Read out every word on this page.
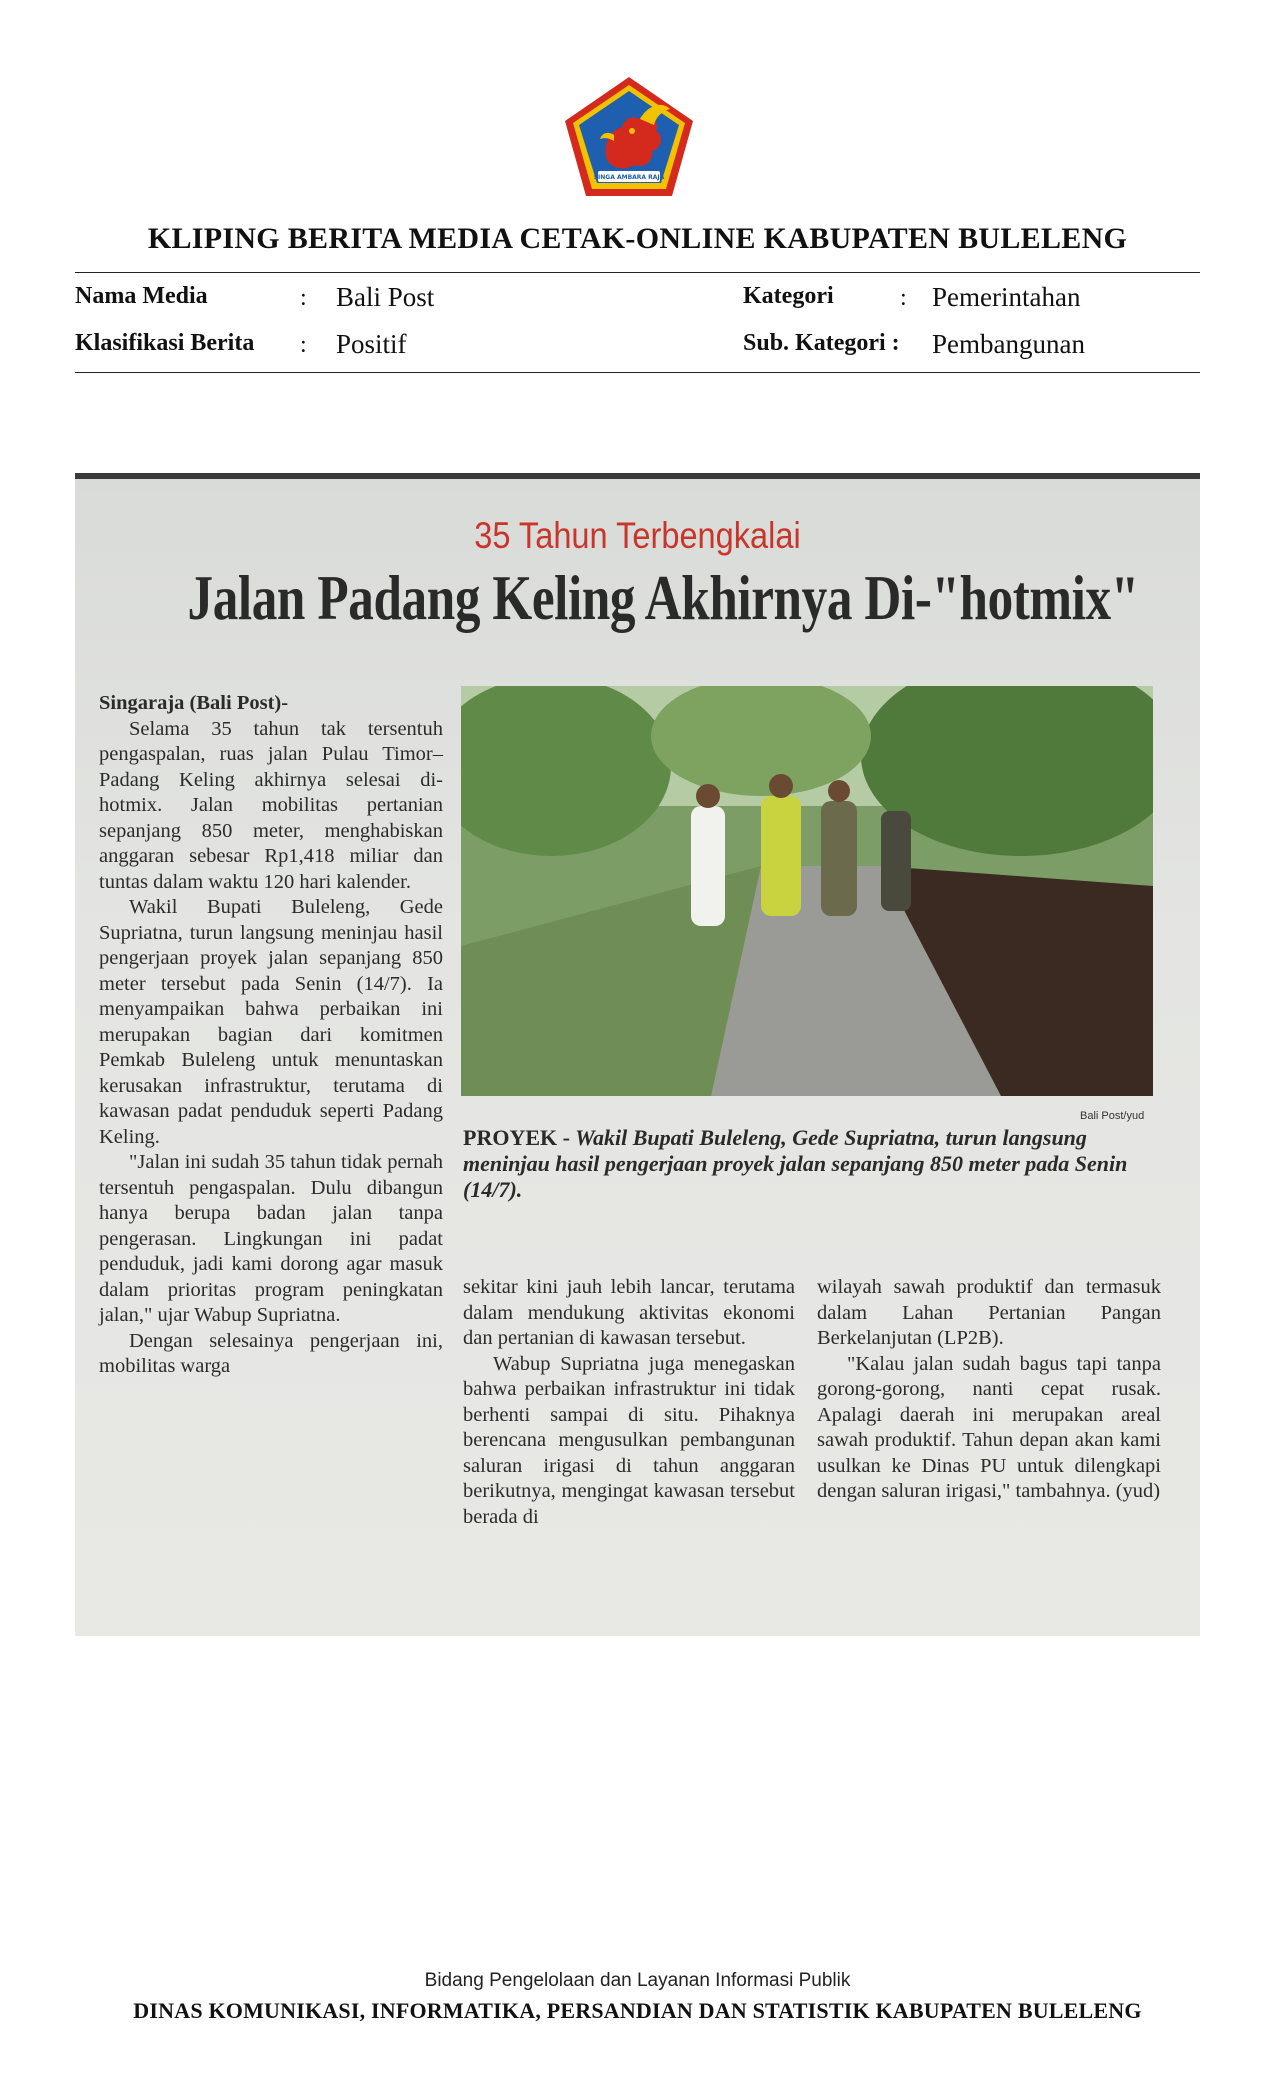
SINGA AMBARA RAJA
KLIPING BERITA MEDIA CETAK-ONLINE KABUPATEN BULELENG
Nama Media	: Bali Post	Kategori	: Pemerintahan
Klasifikasi Berita : Positif	Sub. Kategori : Pembangunan
35 Tahun Terbengkalai
Jalan Padang Keling Akhirnya Di-"hotmix"

Singaraja (Bali Post)-

Selama 35 tahun tak tersentuh pengaspalan, ruas jalan Pulau Timor–Padang Keling akhirnya selesai di-hotmix. Jalan mobilitas pertanian sepanjang 850 meter, menghabiskan anggaran sebesar Rp1,418 miliar dan tuntas dalam waktu 120 hari kalender.

Wakil Bupati Buleleng, Gede Supriatna, turun langsung meninjau hasil pengerjaan proyek jalan sepanjang 850 meter tersebut pada Senin (14/7). Ia menyampaikan bahwa perbaikan ini merupakan bagian dari komitmen Pemkab Buleleng untuk menuntaskan kerusakan infrastruktur, terutama di kawasan padat penduduk seperti Padang Keling.

"Jalan ini sudah 35 tahun tidak pernah tersentuh pengaspalan. Dulu dibangun hanya berupa badan jalan tanpa pengerasan. Lingkungan ini padat penduduk, jadi kami dorong agar masuk dalam prioritas program peningkatan jalan," ujar Wabup Supriatna.

Dengan selesainya pengerjaan ini, mobilitas warga

Bali Post/yud
PROYEK - Wakil Bupati Buleleng, Gede Supriatna, turun langsung meninjau hasil pengerjaan proyek jalan sepanjang 850 meter pada Senin (14/7).

sekitar kini jauh lebih lancar, terutama dalam mendukung aktivitas ekonomi dan pertanian di kawasan tersebut.

Wabup Supriatna juga menegaskan bahwa perbaikan infrastruktur ini tidak berhenti sampai di situ. Pihaknya berencana mengusulkan pembangunan saluran irigasi di tahun anggaran berikutnya, mengingat kawasan tersebut berada di

wilayah sawah produktif dan termasuk dalam Lahan Pertanian Pangan Berkelanjutan (LP2B).

"Kalau jalan sudah bagus tapi tanpa gorong-gorong, nanti cepat rusak. Apalagi daerah ini merupakan areal sawah produktif. Tahun depan akan kami usulkan ke Dinas PU untuk dilengkapi dengan saluran irigasi," tambahnya. (yud)

Bidang Pengelolaan dan Layanan Informasi Publik
DINAS KOMUNIKASI, INFORMATIKA, PERSANDIAN DAN STATISTIK KABUPATEN BULELENG
